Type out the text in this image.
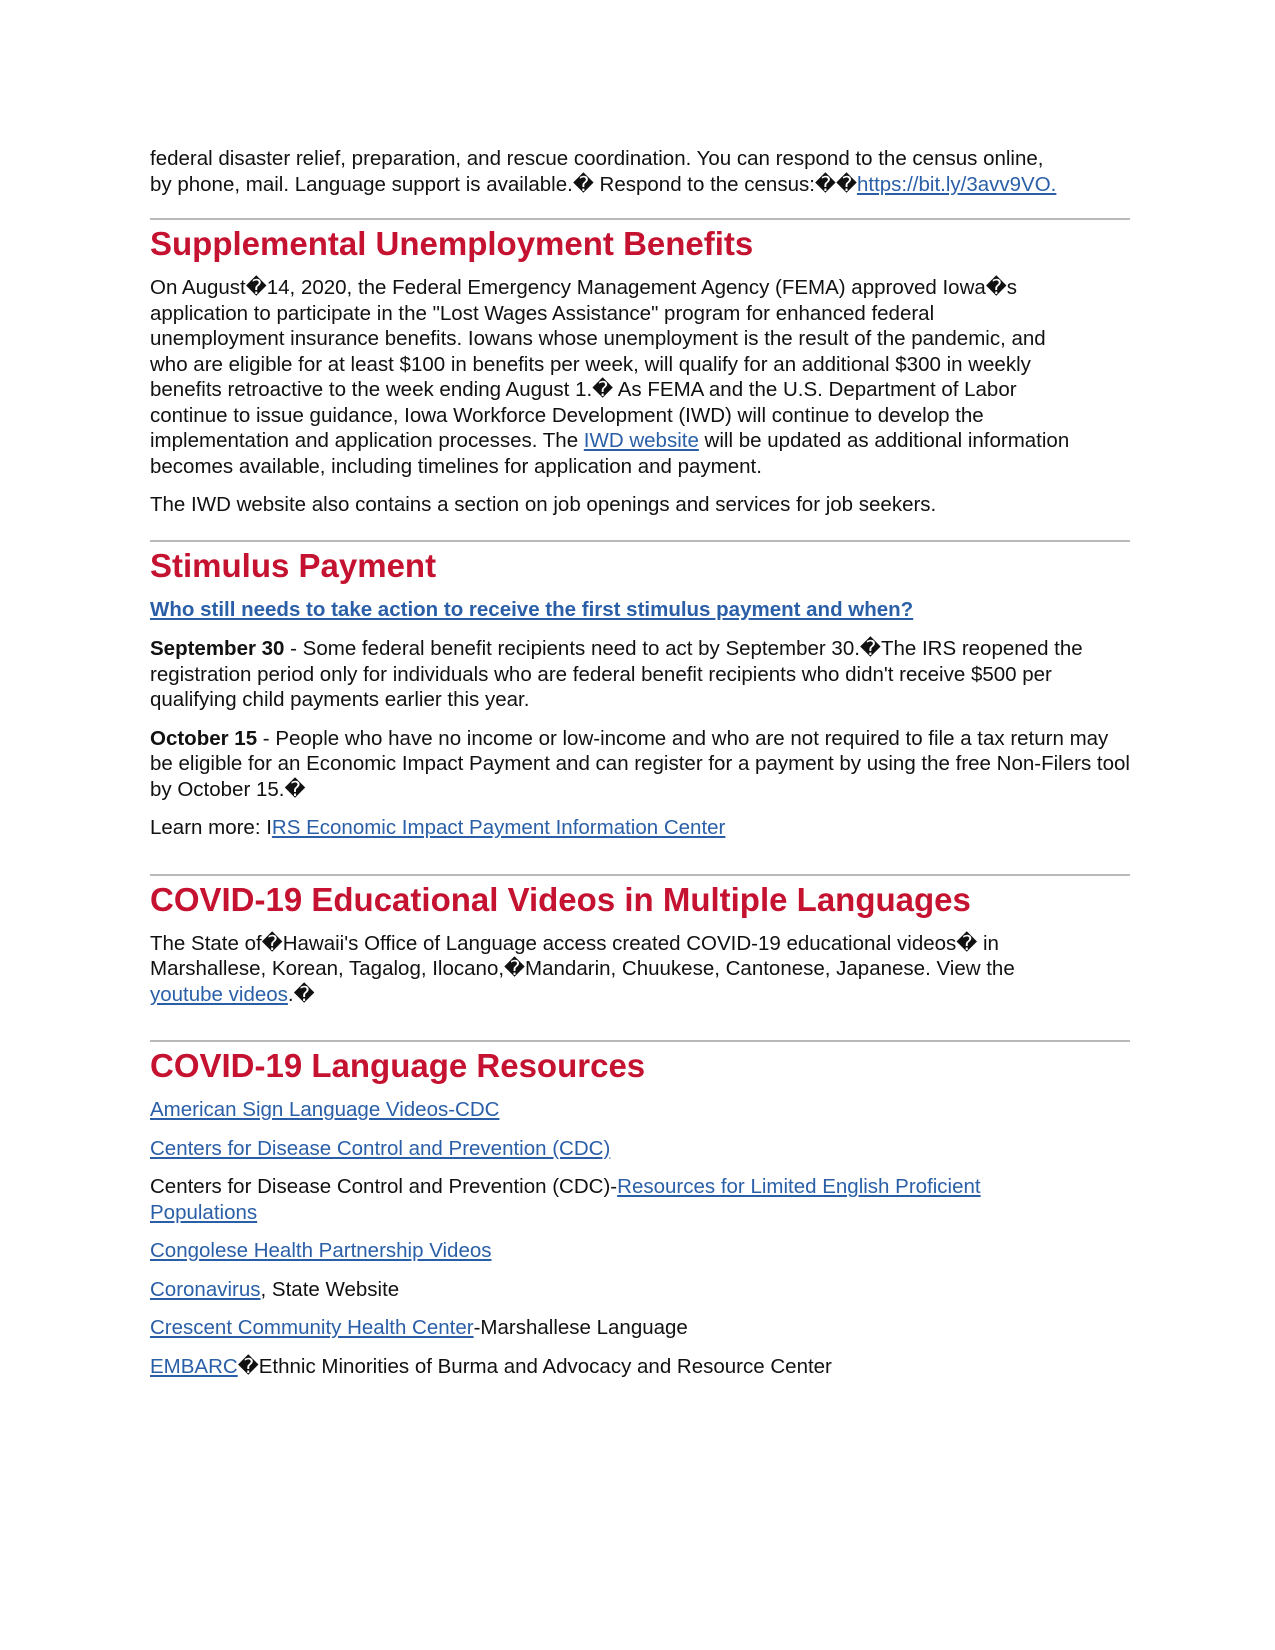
federal disaster relief, preparation, and rescue coordination. You can respond to the census online,
by phone, mail. Language support is available.� Respond to the census:��https://bit.ly/3avv9VO.

Supplemental Unemployment Benefits

On August�14, 2020, the Federal Emergency Management Agency (FEMA) approved Iowa�s application to participate in the "Lost Wages Assistance" program for enhanced federal unemployment insurance benefits. Iowans whose unemployment is the result of the pandemic, and who are eligible for at least $100 in benefits per week, will qualify for an additional $300 in weekly benefits retroactive to the week ending August 1.� As FEMA and the U.S. Department of Labor continue to issue guidance, Iowa Workforce Development (IWD) will continue to develop the implementation and application processes. The IWD website will be updated as additional information becomes available, including timelines for application and payment.

The IWD website also contains a section on job openings and services for job seekers.

Stimulus Payment

Who still needs to take action to receive the first stimulus payment and when?

September 30 - Some federal benefit recipients need to act by September 30.�The IRS reopened the registration period only for individuals who are federal benefit recipients who didn't receive $500 per qualifying child payments earlier this year.

October 15 - People who have no income or low-income and who are not required to file a tax return may be eligible for an Economic Impact Payment and can register for a payment by using the free Non-Filers tool by October 15.�

Learn more: IRS Economic Impact Payment Information Center

COVID-19 Educational Videos in Multiple Languages

The State of�Hawaii's Office of Language access created COVID-19 educational videos� in Marshallese, Korean, Tagalog, Ilocano,�Mandarin, Chuukese, Cantonese, Japanese. View the youtube videos.�

COVID-19 Language Resources

American Sign Language Videos-CDC

Centers for Disease Control and Prevention (CDC)

Centers for Disease Control and Prevention (CDC)-Resources for Limited English Proficient Populations

Congolese Health Partnership Videos

Coronavirus, State Website

Crescent Community Health Center-Marshallese Language

EMBARC�Ethnic Minorities of Burma and Advocacy and Resource Center
